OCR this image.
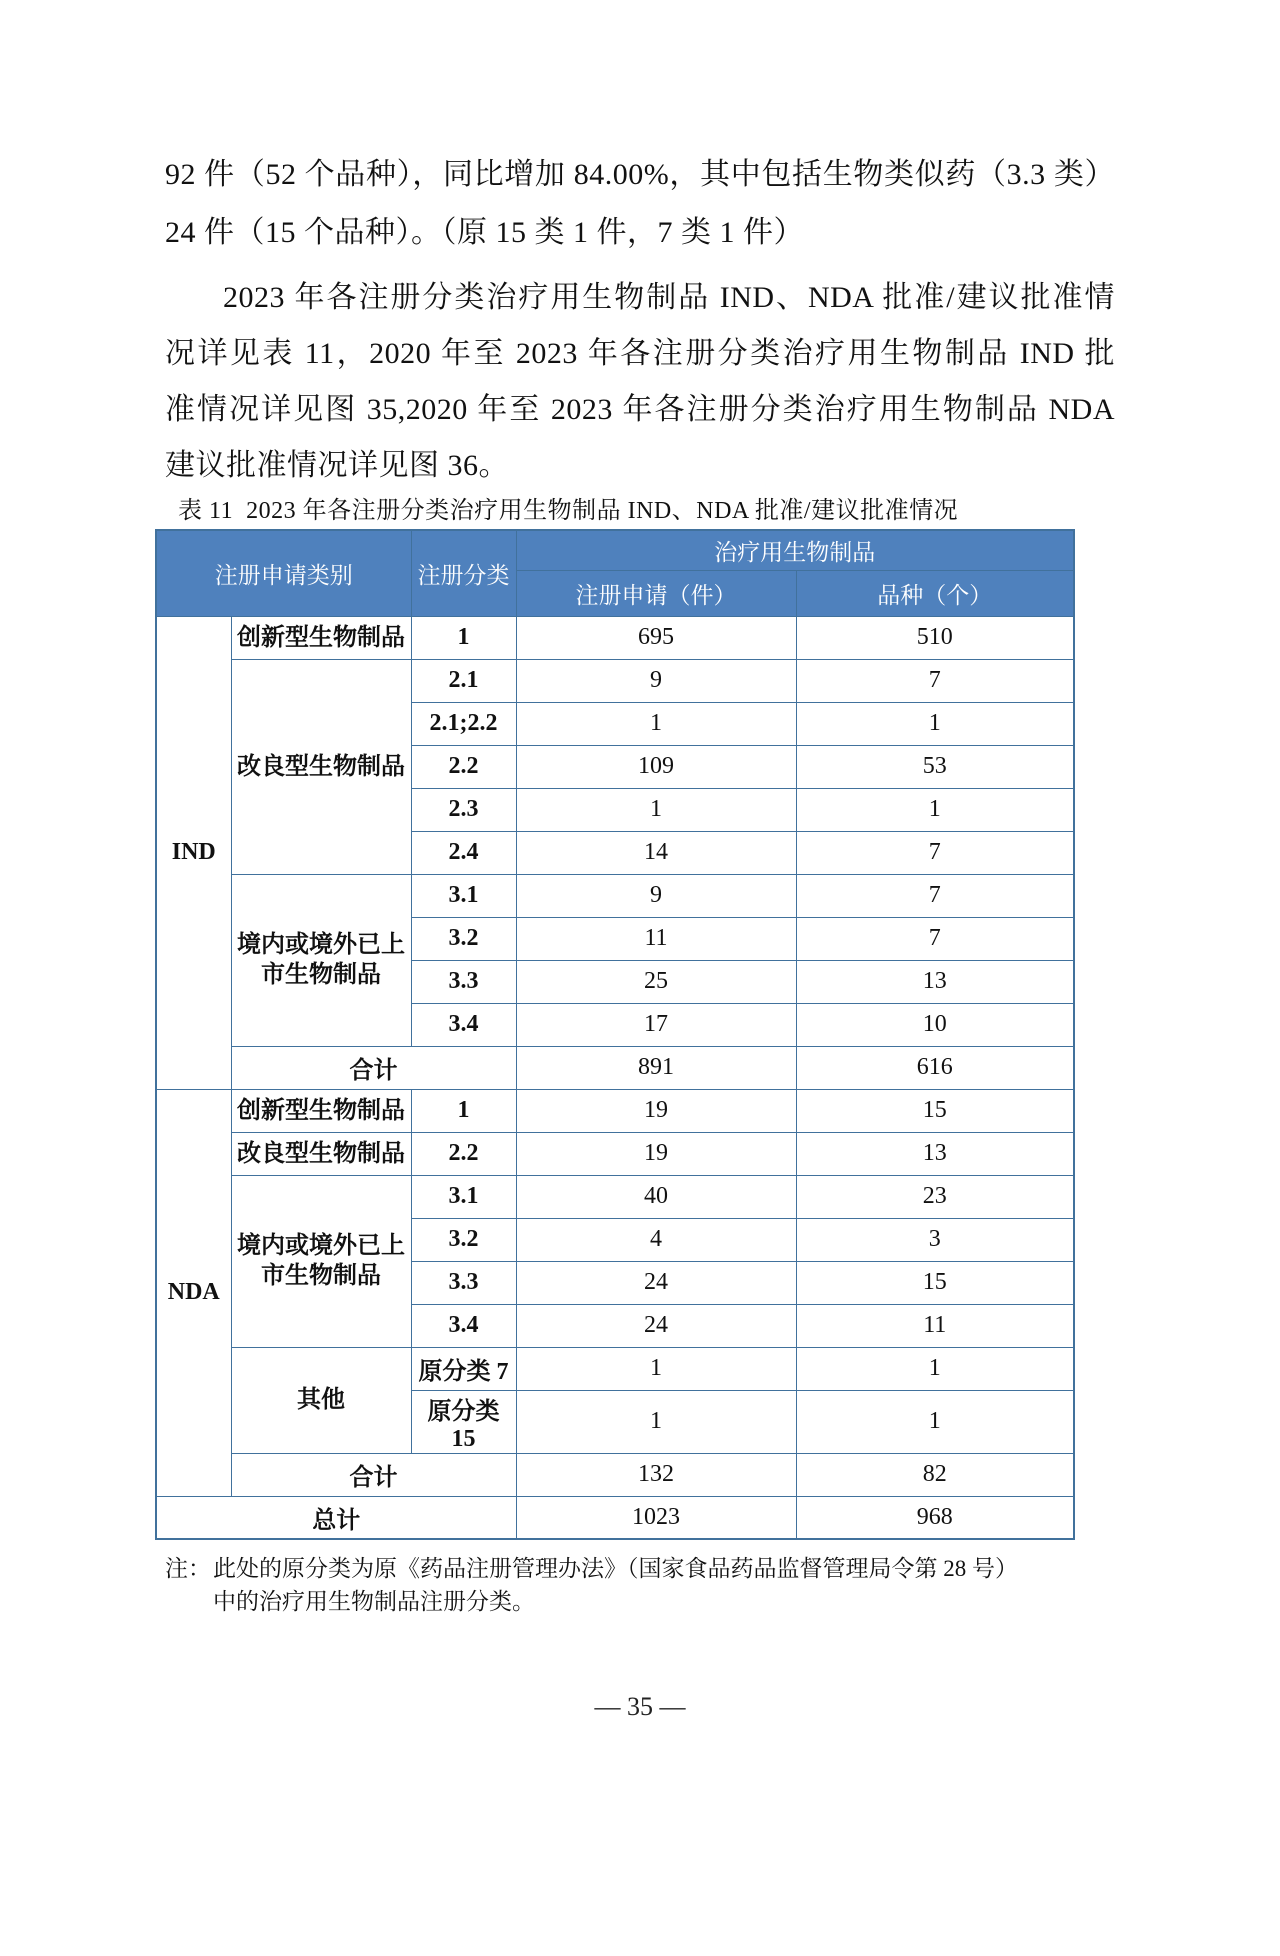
92 件（52 个品种），同比增加 84.00%，其中包括生物类似药（3.3 类）
24 件（15 个品种）。（原 15 类 1 件，7 类 1 件）
2023 年各注册分类治疗用生物制品 IND、NDA 批准/建议批准情
况详见表 11，2020 年至 2023 年各注册分类治疗用生物制品 IND 批
准情况详见图 35,2020 年至 2023 年各注册分类治疗用生物制品 NDA
建议批准情况详见图 36。
表 11  2023 年各注册分类治疗用生物制品 IND、NDA 批准/建议批准情况
注册申请类别		注册分类	治疗用生物制品	
			注册申请（件）	品种（个）
IND	创新型生物制品	1	695	510
	改良型生物制品	2.1	9	7
		2.1;2.2	1	1
		2.2	109	53
		2.3	1	1
		2.4	14	7
	境内或境外已上市生物制品	3.1	9	7
		3.2	11	7
		3.3	25	13
		3.4	17	10
	合计		891	616
NDA	创新型生物制品	1	19	15
	改良型生物制品	2.2	19	13
	境内或境外已上市生物制品	3.1	40	23
		3.2	4	3
		3.3	24	15
		3.4	24	11
	其他	原分类 7	1	1
		原分类 15	1	1
	合计		132	82
总计			1023	968
注： 此处的原分类为原《药品注册管理办法》（国家食品药品监督管理局令第 28 号）
中的治疗用生物制品注册分类。
— 35 —
